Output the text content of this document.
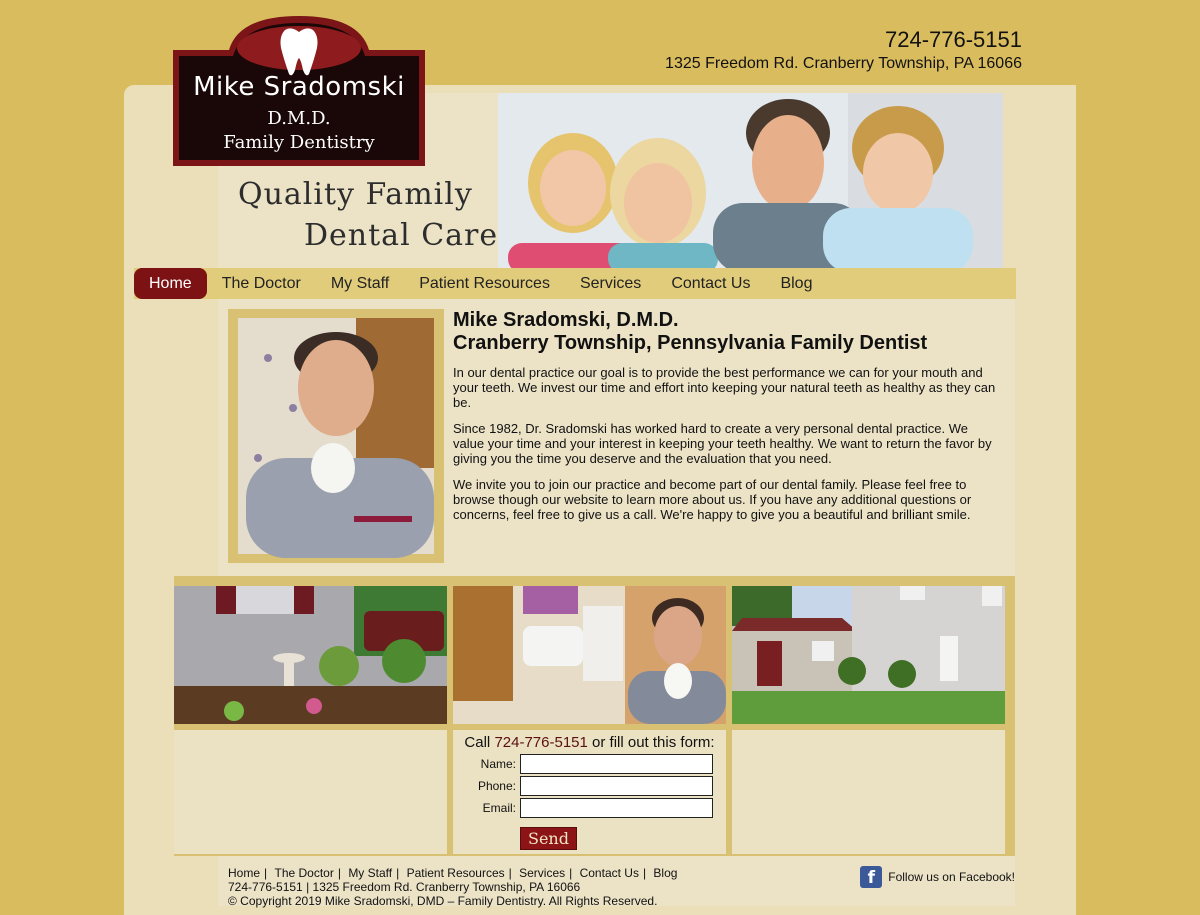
724-776-5151
1325 Freedom Rd. Cranberry Township, PA 16066
Quality Family
Dental Care
Mike Sradomski
D.M.D.
Family Dentistry
Home	The Doctor	My Staff	Patient Resources	Services	Contact Us	Blog
Mike Sradomski, D.M.D.
Cranberry Township, Pennsylvania Family Dentist

In our dental practice our goal is to provide the best performance we can for your mouth and your teeth. We invest our time and effort into keeping your natural teeth as healthy as they can be.

Since 1982, Dr. Sradomski has worked hard to create a very personal dental practice. We value your time and your interest in keeping your teeth healthy. We want to return the favor by giving you the time you deserve and the evaluation that you need.

We invite you to join our practice and become part of our dental family. Please feel free to browse though our website to learn more about us. If you have any additional questions or concerns, feel free to give us a call. We're happy to give you a beautiful and brilliant smile.

Call 724-776-5151 or fill out this form:
Name:
Phone:
Email:
Send
Home |
The Doctor |
My Staff |
Patient Resources |
Services |
Contact Us |
Blog
724-776-5151 | 1325 Freedom Rd. Cranberry Township, PA 16066
© Copyright 2019 Mike Sradomski, DMD – Family Dentistry. All Rights Reserved.
f	Follow us on Facebook!
